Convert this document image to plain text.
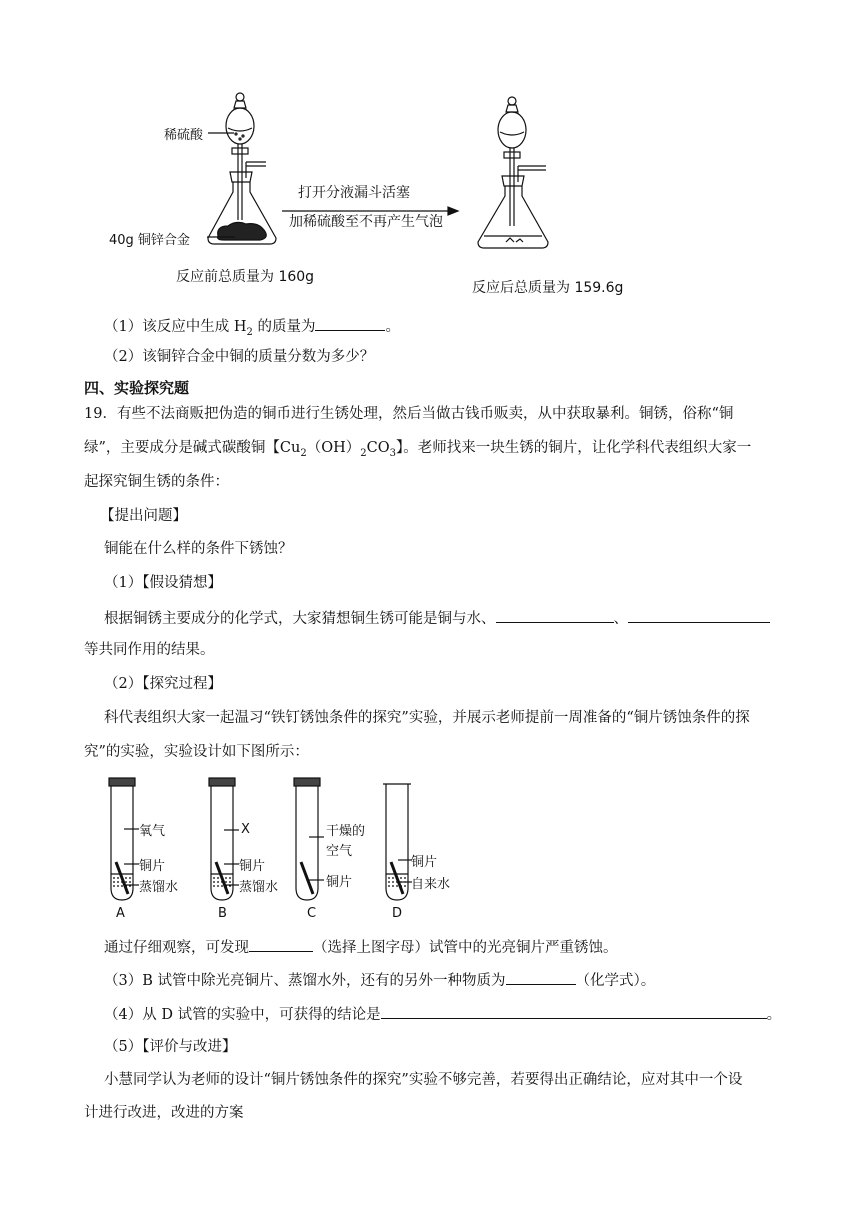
稀硫酸
40g 铜锌合金
打开分液漏斗活塞
加稀硫酸至不再产生气泡
反应前总质量为 160g
反应后总质量为 159.6g
（1）该反应中生成 $H_2$ 的质量为	。
（2）该铜锌合金中铜的质量分数为多少？
四、实验探究题
19．有些不法商贩把伪造的铜币进行生锈处理，然后当做古钱币贩卖，从中获取暴利。铜锈，俗称“铜
绿”，主要成分是碱式碳酸铜【$Cu_2(OH)_2CO_3$】。老师找来一块生锈的铜片，让化学科代表组织大家一
起探究铜生锈的条件：
【提出问题】
铜能在什么样的条件下锈蚀？
（1）【假设猜想】
根据铜锈主要成分的化学式，大家猜想铜生锈可能是铜与水、	、
等共同作用的结果。
（2）【探究过程】
科代表组织大家一起温习“铁钉锈蚀条件的探究”实验，并展示老师提前一周准备的“铜片锈蚀条件的探
究”的实验，实验设计如下图所示：
氧气
铜片
蒸馏水
A
X
铜片
蒸馏水
B
干燥的
空气
铜片
C
铜片
自来水
D
通过仔细观察，可发现	（选择上图字母）试管中的光亮铜片严重锈蚀。
（3）B 试管中除光亮铜片、蒸馏水外，还有的另外一种物质为	（化学式）。
（4）从 D 试管的实验中，可获得的结论是	。
（5）【评价与改进】
小慧同学认为老师的设计“铜片锈蚀条件的探究”实验不够完善，若要得出正确结论，应对其中一个设
计进行改进，改进的方案
